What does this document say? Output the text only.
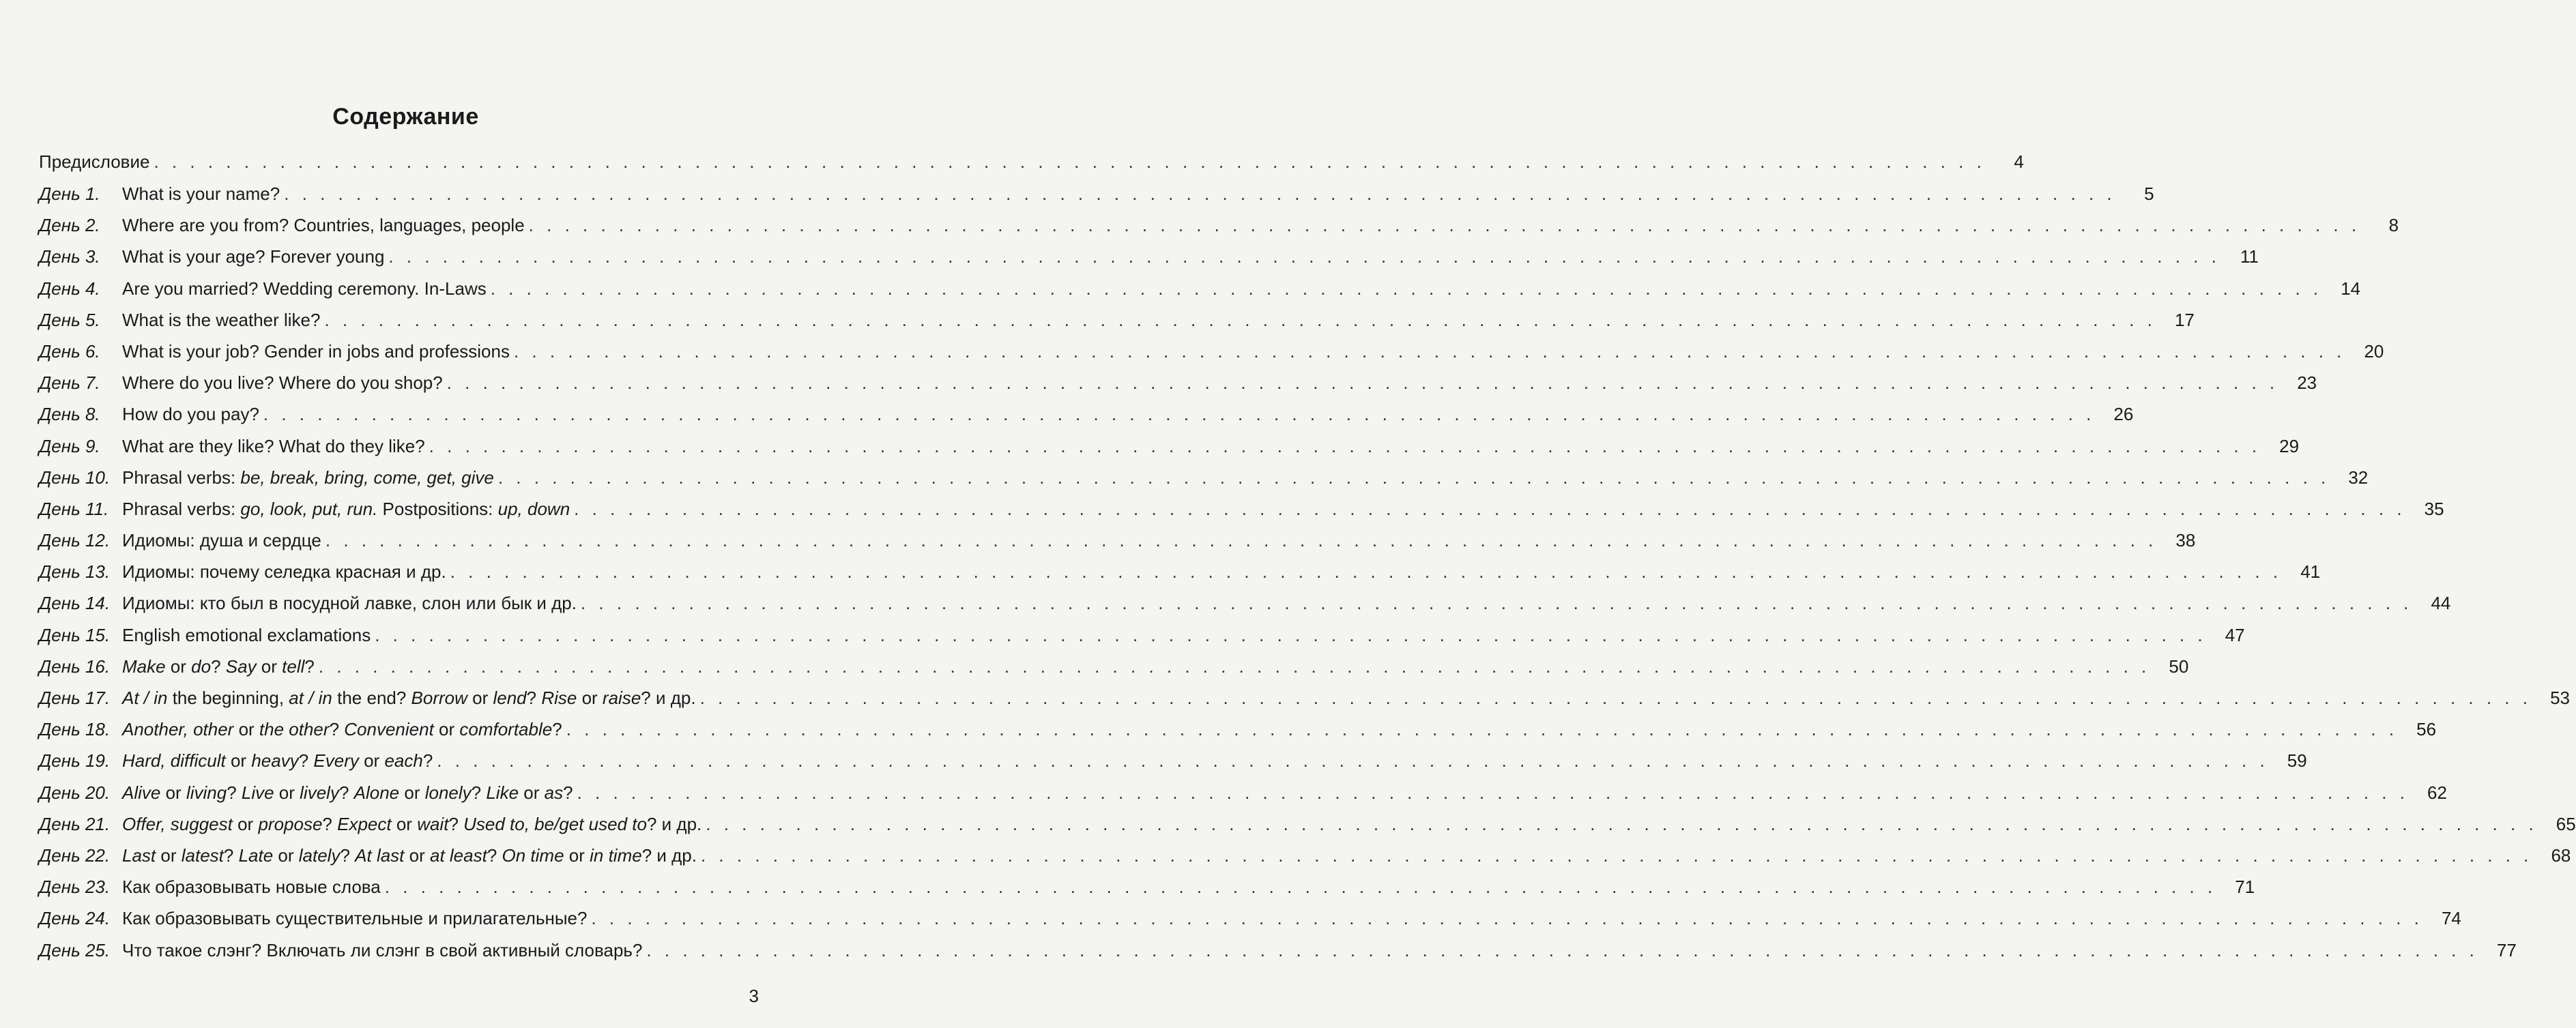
Содержание
Предисловие . . .	4
День 1.	What is your name? . . .	5
День 2.	Where are you from? Countries, languages, people . . .	8
День 3.	What is your age? Forever young . . .	11
День 4.	Are you married? Wedding ceremony. In-Laws . . .	14
День 5.	What is the weather like? . . .	17
День 6.	What is your job? Gender in jobs and professions . . .	20
День 7.	Where do you live? Where do you shop? . . .	23
День 8.	How do you pay? . . .	26
День 9.	What are they like? What do they like? . . .	29
День 10. Phrasal verbs: be, break, bring, come, get, give . . .	32
День 11. Phrasal verbs: go, look, put, run. Postpositions: up, down . . .	35
День 12. Идиомы: душа и сердце . . .	38
День 13. Идиомы: почему селедка красная и др. . . .	41
День 14. Идиомы: кто был в посудной лавке, слон или бык и др. . . .	44
День 15. English emotional exclamations . . .	47
День 16. Make or do? Say or tell? . . .	50
День 17. At / in the beginning, at / in the end? Borrow or lend? Rise or raise? и др. . . .	53
День 18. Another, other or the other? Convenient or comfortable? . . .	56
День 19. Hard, difficult or heavy? Every or each? . . .	59
День 20. Alive or living? Live or lively? Alone or lonely? Like or as? . . .	62
День 21. Offer, suggest or propose? Expect or wait? Used to, be/get used to? и др. . . .	65
День 22. Last or latest? Late or lately? At last or at least? On time or in time? и др. . . .	68
День 23. Как образовывать новые слова . . .	71
День 24. Как образовывать существительные и прилагательные? . . .	74
День 25. Что такое слэнг? Включать ли слэнг в свой активный словарь? . . .	77
3
